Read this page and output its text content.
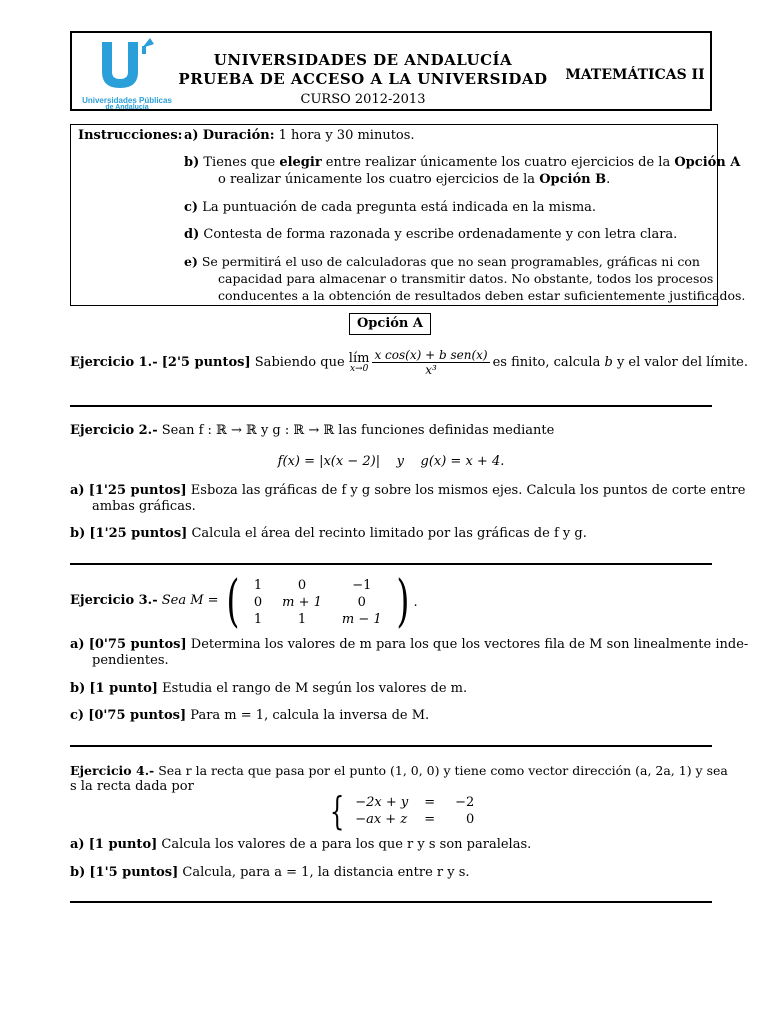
Universidades Públicas
de Andalucía
UNIVERSIDADES DE ANDALUCÍA
PRUEBA DE ACCESO A LA UNIVERSIDAD
CURSO 2012-2013
MATEMÁTICAS II
Instrucciones: a) Duración: 1 hora y 30 minutos.
b) Tienes que elegir entre realizar únicamente los cuatro ejercicios de la Opción A
o realizar únicamente los cuatro ejercicios de la Opción B.
c) La puntuación de cada pregunta está indicada en la misma.
d) Contesta de forma razonada y escribe ordenadamente y con letra clara.
e) Se permitirá el uso de calculadoras que no sean programables, gráficas ni con
capacidad para almacenar o transmitir datos. No obstante, todos los procesos
conducentes a la obtención de resultados deben estar suficientemente justificados.
Opción A
Ejercicio 1.-
[2'5 puntos]
Sabiendo que
lím
$x\to 0 \frac{\text{x cos(x) + b sen(x)}}{\text{x³}}$ es finito, calcula
b
y el valor del límite.
Ejercicio 2.- Sean f : ℝ → ℝ y g : ℝ → ℝ las funciones definidas mediante
f(x) = |x(x − 2)|    y    g(x) = x + 4.
a) [1'25 puntos] Esboza las gráficas de f y g sobre los mismos ejes. Calcula los puntos de corte entre
ambas gráficas.
b) [1'25 puntos] Calcula el área del recinto limitado por las gráficas de f y g.
Ejercicio 3.- Sea M = ( 1	0	−1
0	m + 1	0
1	1	m − 1 ) .
a) [0'75 puntos] Determina los valores de m para los que los vectores fila de M son linealmente inde-
pendientes.
b) [1 punto] Estudia el rango de M según los valores de m.
c) [0'75 puntos] Para m = 1, calcula la inversa de M.
Ejercicio 4.- Sea r la recta que pasa por el punto (1, 0, 0) y tiene como vector dirección (a, 2a, 1) y sea
s la recta dada por
{ −2x + y	=	−2
−ax + z	=	0
a) [1 punto] Calcula los valores de a para los que r y s son paralelas.
b) [1'5 puntos] Calcula, para a = 1, la distancia entre r y s.
